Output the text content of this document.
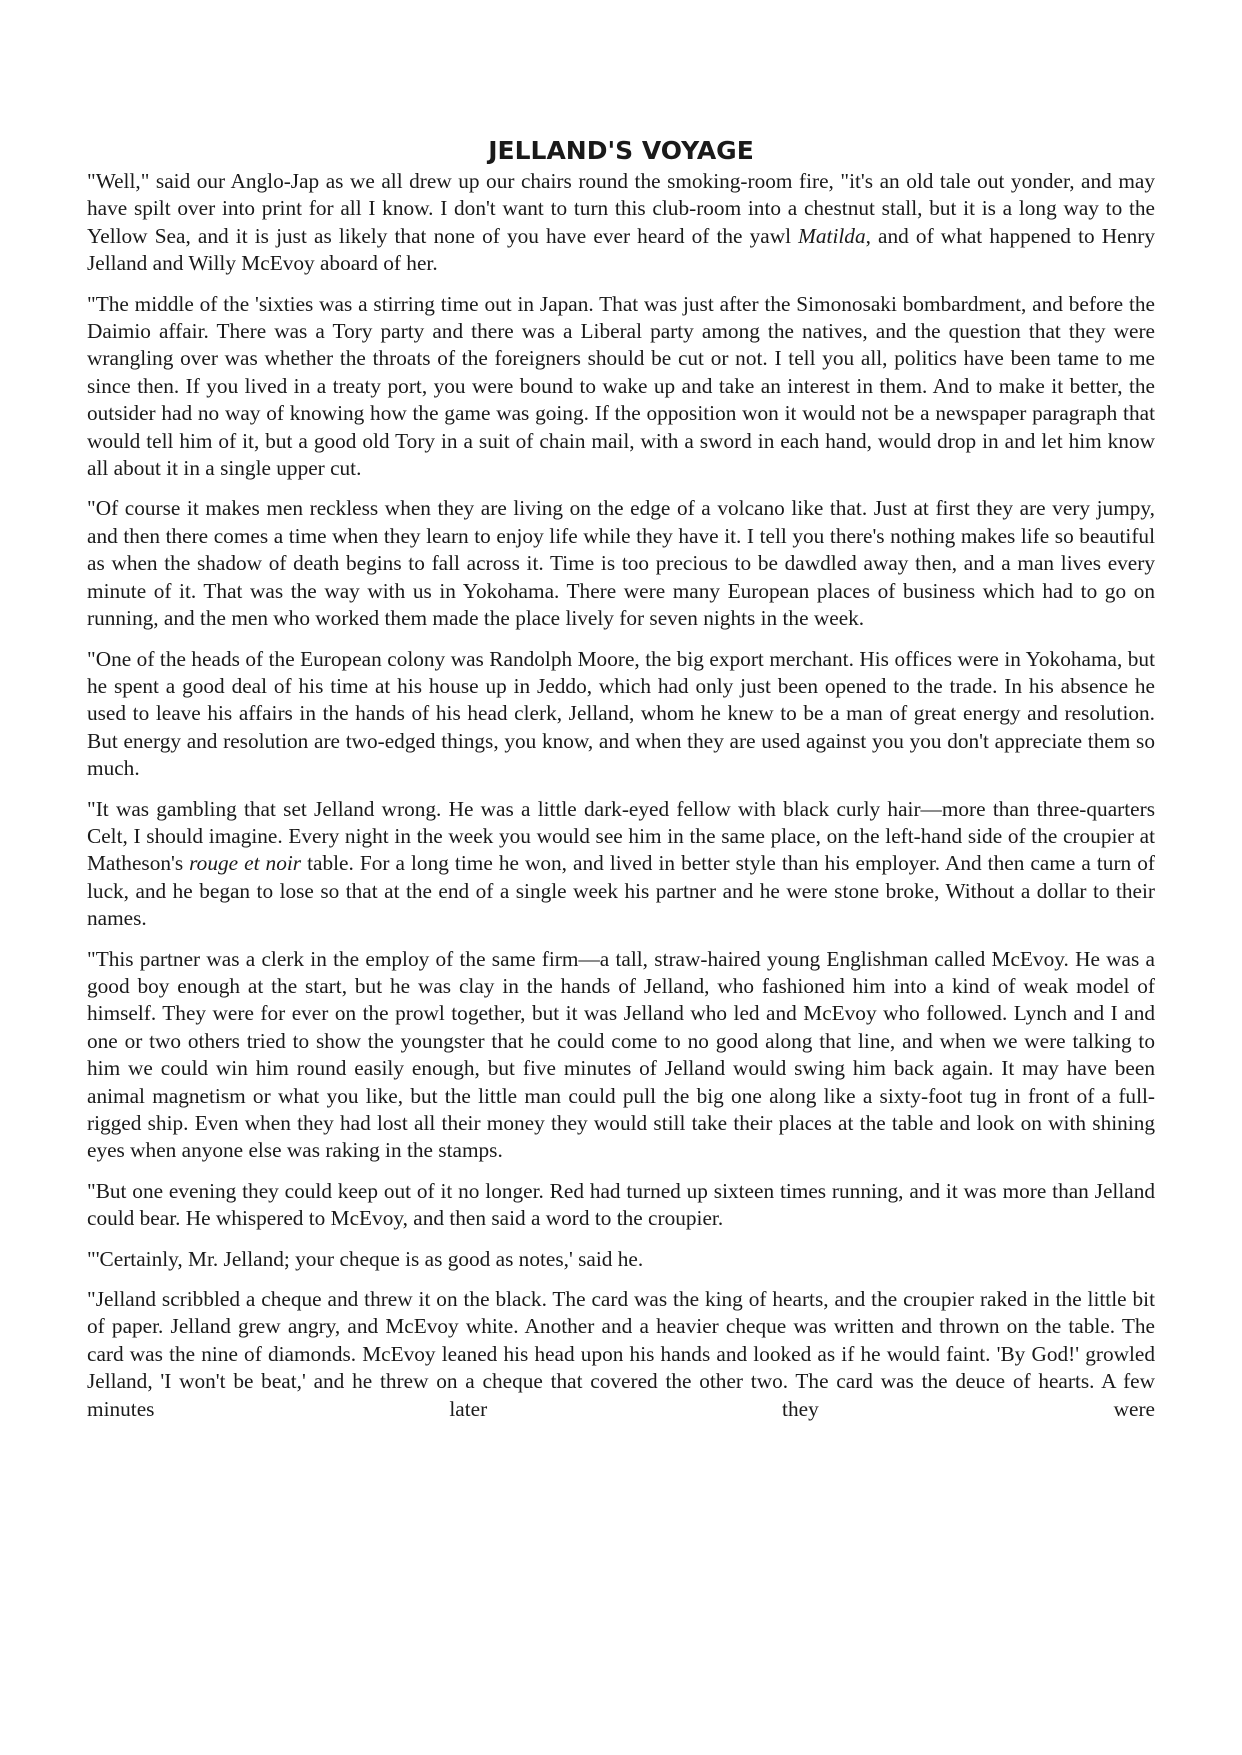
JELLAND'S VOYAGE

"Well," said our Anglo-Jap as we all drew up our chairs round the smoking-room fire, "it's an old tale out yonder, and may have spilt over into print for all I know. I don't want to turn this club-room into a chestnut stall, but it is a long way to the Yellow Sea, and it is just as likely that none of you have ever heard of the yawl Matilda, and of what happened to Henry Jelland and Willy McEvoy aboard of her.

"The middle of the 'sixties was a stirring time out in Japan. That was just after the Simonosaki bombardment, and before the Daimio affair. There was a Tory party and there was a Liberal party among the natives, and the question that they were wrangling over was whether the throats of the foreigners should be cut or not. I tell you all, politics have been tame to me since then. If you lived in a treaty port, you were bound to wake up and take an interest in them. And to make it better, the outsider had no way of knowing how the game was going. If the opposition won it would not be a newspaper paragraph that would tell him of it, but a good old Tory in a suit of chain mail, with a sword in each hand, would drop in and let him know all about it in a single upper cut.

"Of course it makes men reckless when they are living on the edge of a volcano like that. Just at first they are very jumpy, and then there comes a time when they learn to enjoy life while they have it. I tell you there's nothing makes life so beautiful as when the shadow of death begins to fall across it. Time is too precious to be dawdled away then, and a man lives every minute of it. That was the way with us in Yokohama. There were many European places of business which had to go on running, and the men who worked them made the place lively for seven nights in the week.

"One of the heads of the European colony was Randolph Moore, the big export merchant. His offices were in Yokohama, but he spent a good deal of his time at his house up in Jeddo, which had only just been opened to the trade. In his absence he used to leave his affairs in the hands of his head clerk, Jelland, whom he knew to be a man of great energy and resolution. But energy and resolution are two-edged things, you know, and when they are used against you you don't appreciate them so much.

"It was gambling that set Jelland wrong. He was a little dark-eyed fellow with black curly hair—more than three-quarters Celt, I should imagine. Every night in the week you would see him in the same place, on the left-hand side of the croupier at Matheson's rouge et noir table. For a long time he won, and lived in better style than his employer. And then came a turn of luck, and he began to lose so that at the end of a single week his partner and he were stone broke, Without a dollar to their names.

"This partner was a clerk in the employ of the same firm—a tall, straw-haired young Englishman called McEvoy. He was a good boy enough at the start, but he was clay in the hands of Jelland, who fashioned him into a kind of weak model of himself. They were for ever on the prowl together, but it was Jelland who led and McEvoy who followed. Lynch and I and one or two others tried to show the youngster that he could come to no good along that line, and when we were talking to him we could win him round easily enough, but five minutes of Jelland would swing him back again. It may have been animal magnetism or what you like, but the little man could pull the big one along like a sixty-foot tug in front of a full-rigged ship. Even when they had lost all their money they would still take their places at the table and look on with shining eyes when anyone else was raking in the stamps.

"But one evening they could keep out of it no longer. Red had turned up sixteen times running, and it was more than Jelland could bear. He whispered to McEvoy, and then said a word to the croupier.

"'Certainly, Mr. Jelland; your cheque is as good as notes,' said he.

"Jelland scribbled a cheque and threw it on the black. The card was the king of hearts, and the croupier raked in the little bit of paper. Jelland grew angry, and McEvoy white. Another and a heavier cheque was written and thrown on the table. The card was the nine of diamonds. McEvoy leaned his head upon his hands and looked as if he would faint. 'By God!' growled Jelland, 'I won't be beat,' and he threw on a cheque that covered the other two. The card was the deuce of hearts. A few minutes later they were
